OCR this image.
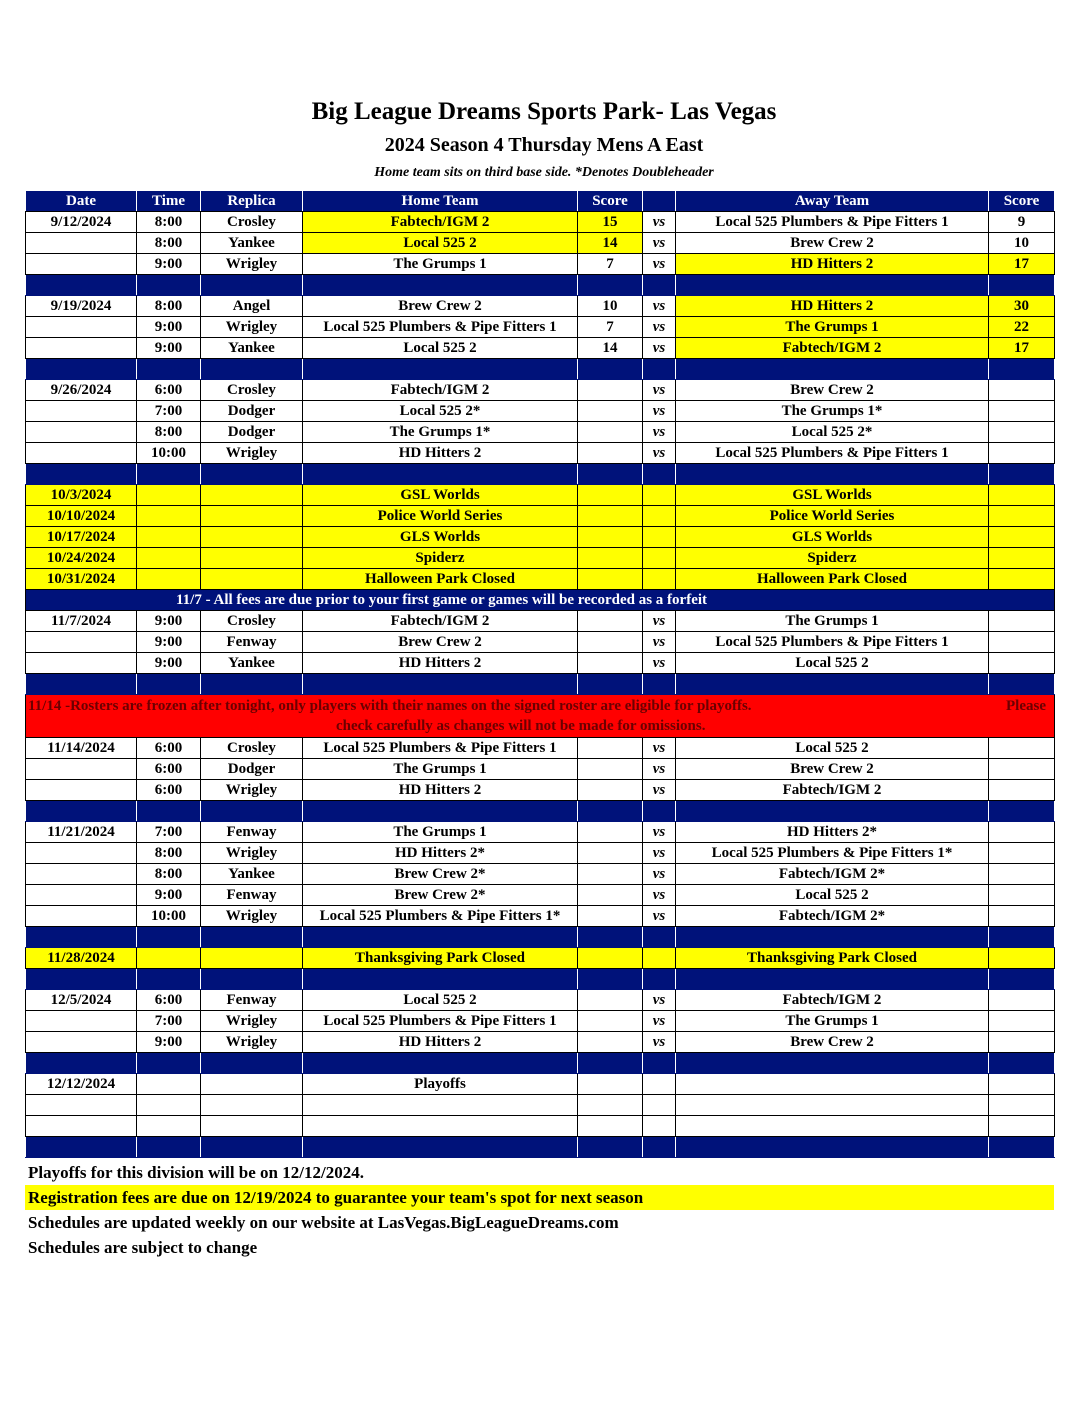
Big League Dreams Sports Park- Las Vegas
2024 Season 4 Thursday Mens A East
Home team sits on third base side. *Denotes Doubleheader
Date	Time	Replica	Home Team	Score		Away Team	Score
9/12/2024	8:00	Crosley	Fabtech/IGM 2	15	vs	Local 525 Plumbers & Pipe Fitters 1	9
	8:00	Yankee	Local 525 2	14	vs	Brew Crew 2	10
	9:00	Wrigley	The Grumps 1	7	vs	HD Hitters 2	17

9/19/2024	8:00	Angel	Brew Crew 2	10	vs	HD Hitters 2	30
	9:00	Wrigley	Local 525 Plumbers & Pipe Fitters 1	7	vs	The Grumps 1	22
	9:00	Yankee	Local 525 2	14	vs	Fabtech/IGM 2	17

9/26/2024	6:00	Crosley	Fabtech/IGM 2		vs	Brew Crew 2	
	7:00	Dodger	Local 525 2*		vs	The Grumps 1*	
	8:00	Dodger	The Grumps 1*		vs	Local 525 2*	
	10:00	Wrigley	HD Hitters 2		vs	Local 525 Plumbers & Pipe Fitters 1	

10/3/2024			GSL Worlds			GSL Worlds	
10/10/2024			Police World Series			Police World Series	
10/17/2024			GLS Worlds			GLS Worlds	
10/24/2024			Spiderz			Spiderz	
10/31/2024			Halloween Park Closed			Halloween Park Closed	
11/7 - All fees are due prior to your first game or games will be recorded as a forfeit							
11/7/2024	9:00	Crosley	Fabtech/IGM 2		vs	The Grumps 1	
	9:00	Fenway	Brew Crew 2		vs	Local 525 Plumbers & Pipe Fitters 1	
	9:00	Yankee	HD Hitters 2		vs	Local 525 2	

11/14 -Rosters are frozen after tonight, only players with their names on the signed roster are eligible for playoffs. Please
check carefully as changes will not be made for omissions.							

11/14/2024	6:00	Crosley	Local 525 Plumbers & Pipe Fitters 1		vs	Local 525 2	
	6:00	Dodger	The Grumps 1		vs	Brew Crew 2	
	6:00	Wrigley	HD Hitters 2		vs	Fabtech/IGM 2	

11/21/2024	7:00	Fenway	The Grumps 1		vs	HD Hitters 2*	
	8:00	Wrigley	HD Hitters 2*		vs	Local 525 Plumbers & Pipe Fitters 1*	
	8:00	Yankee	Brew Crew 2*		vs	Fabtech/IGM 2*	
	9:00	Fenway	Brew Crew 2*		vs	Local 525 2	
	10:00	Wrigley	Local 525 Plumbers & Pipe Fitters 1*		vs	Fabtech/IGM 2*	

11/28/2024			Thanksgiving Park Closed			Thanksgiving Park Closed	

12/5/2024	6:00	Fenway	Local 525 2		vs	Fabtech/IGM 2	
	7:00	Wrigley	Local 525 Plumbers & Pipe Fitters 1		vs	The Grumps 1	
	9:00	Wrigley	HD Hitters 2		vs	Brew Crew 2	

12/12/2024			Playoffs				

Playoffs for this division will be on 12/12/2024.
Registration fees are due on 12/19/2024 to guarantee your team's spot for next season
Schedules are updated weekly on our website at LasVegas.BigLeagueDreams.com
Schedules are subject to change
